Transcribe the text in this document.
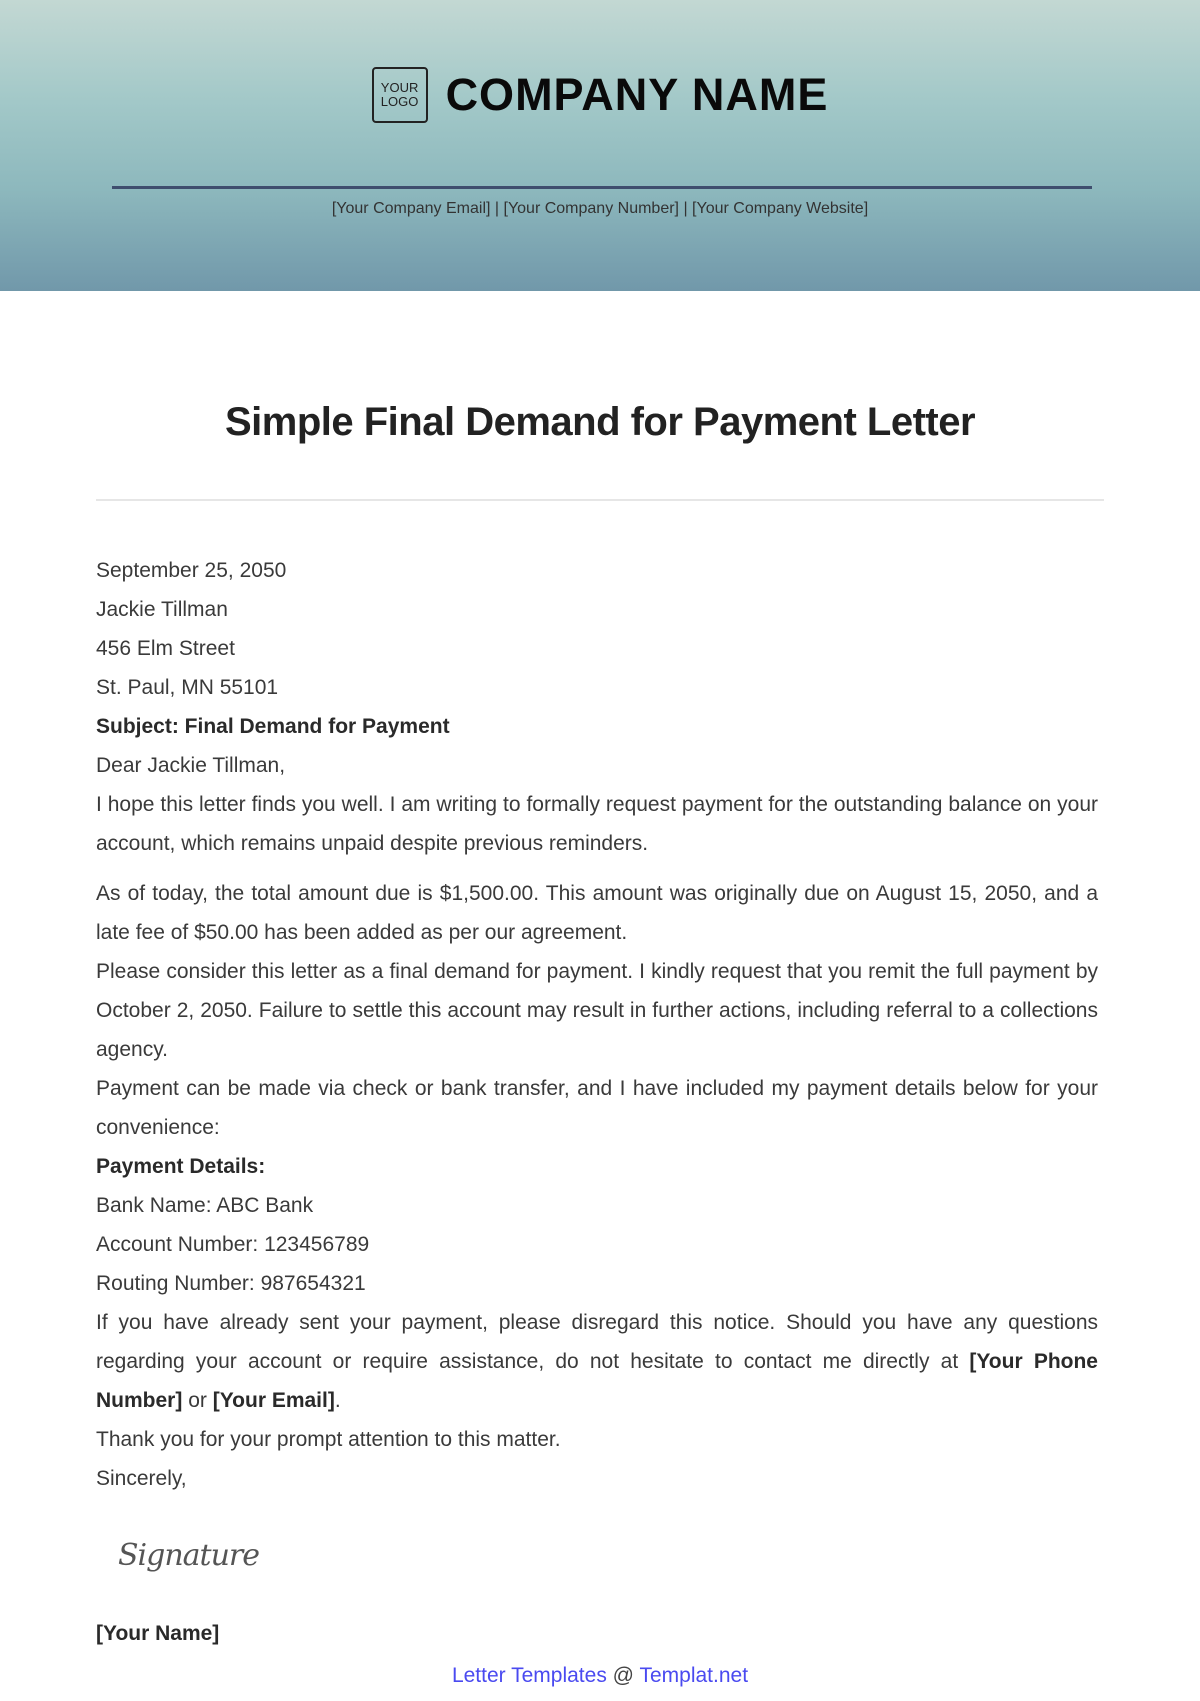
YOUR
LOGO COMPANY NAME
[Your Company Email] | [Your Company Number] | [Your Company Website]
Simple Final Demand for Payment Letter

September 25, 2050

Jackie Tillman

456 Elm Street

St. Paul, MN 55101

Subject: Final Demand for Payment

Dear Jackie Tillman,

I hope this letter finds you well. I am writing to formally request payment for the outstanding balance on your account, which remains unpaid despite previous reminders.

As of today, the total amount due is $1,500.00. This amount was originally due on August 15, 2050, and a late fee of $50.00 has been added as per our agreement.

Please consider this letter as a final demand for payment. I kindly request that you remit the full payment by October 2, 2050. Failure to settle this account may result in further actions, including referral to a collections agency.

Payment can be made via check or bank transfer, and I have included my payment details below for your convenience:

Payment Details:

Bank Name: ABC Bank

Account Number: 123456789

Routing Number: 987654321

If you have already sent your payment, please disregard this notice. Should you have any questions regarding your account or require assistance, do not hesitate to contact me directly at [Your Phone Number] or [Your Email].

Thank you for your prompt attention to this matter.

Sincerely,

Signature
[Your Name]
Letter Templates @ Templat.net
